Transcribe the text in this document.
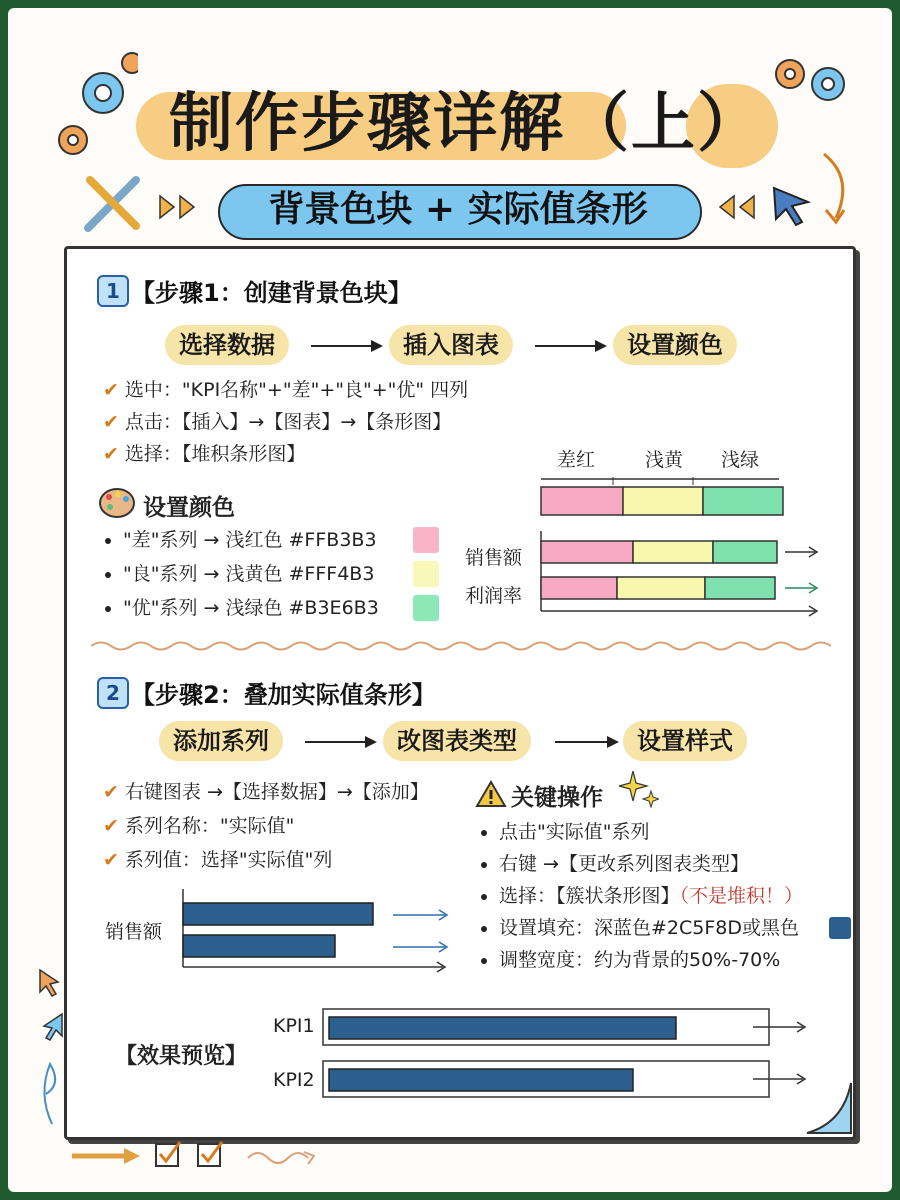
制作步骤详解（上）
背景色块 + 实际值条形
1 【步骤1：创建背景色块】
选择数据	插入图表	设置颜色
✔ 选中："KPI名称"+"差"+"良"+"优" 四列
✔ 点击：【插入】→【图表】→【条形图】
✔ 选择：【堆积条形图】
设置颜色
"差"系列 → 浅红色 #FFB3B3
"良"系列 → 浅黄色 #FFF4B3
"优"系列 → 浅绿色 #B3E6B3
差红	浅黄 浅绿
销售额
利润率
2 【步骤2：叠加实际值条形】
添加系列	改图表类型	设置样式
✔ 右键图表 →【选择数据】→【添加】
✔ 系列名称："实际值"
✔ 系列值：选择"实际值"列
关键操作
点击"实际值"系列
右键 →【更改系列图表类型】
选择：【簇状条形图】（不是堆积！）
设置填充：深蓝色#2C5F8D或黑色
调整宽度：约为背景的50%-70%
销售额
【效果预览】
KPI1
KPI2
